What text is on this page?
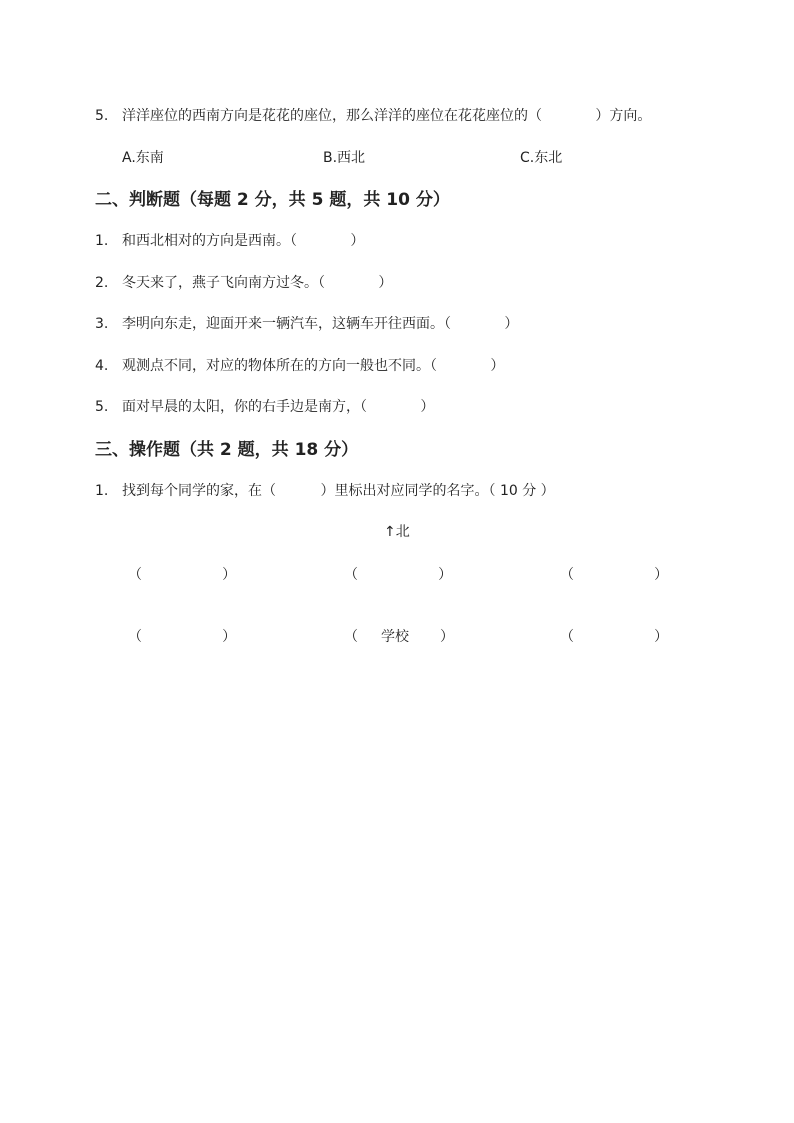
5. 洋洋座位的西南方向是花花的座位，那么洋洋的座位在花花座位的（            ）方向。
A.东南	B.西北	C.东北
二、判断题（每题 2 分，共 5 题，共 10 分）
1. 和西北相对的方向是西南。（            ）
2. 冬天来了，燕子飞向南方过冬。（            ）
3. 李明向东走，迎面开来一辆汽车，这辆车开往西面。（            ）
4. 观测点不同，对应的物体所在的方向一般也不同。（            ）
5. 面对早晨的太阳，你的右手边是南方，（            ）
三、操作题（共 2 题，共 18 分）
1. 找到每个同学的家，在（          ）里标出对应同学的名字。（ 10 分 ）
↑北
（                  ）	（                  ）	（                  ）
（                  ）	（ 学校 ）	（                  ）
